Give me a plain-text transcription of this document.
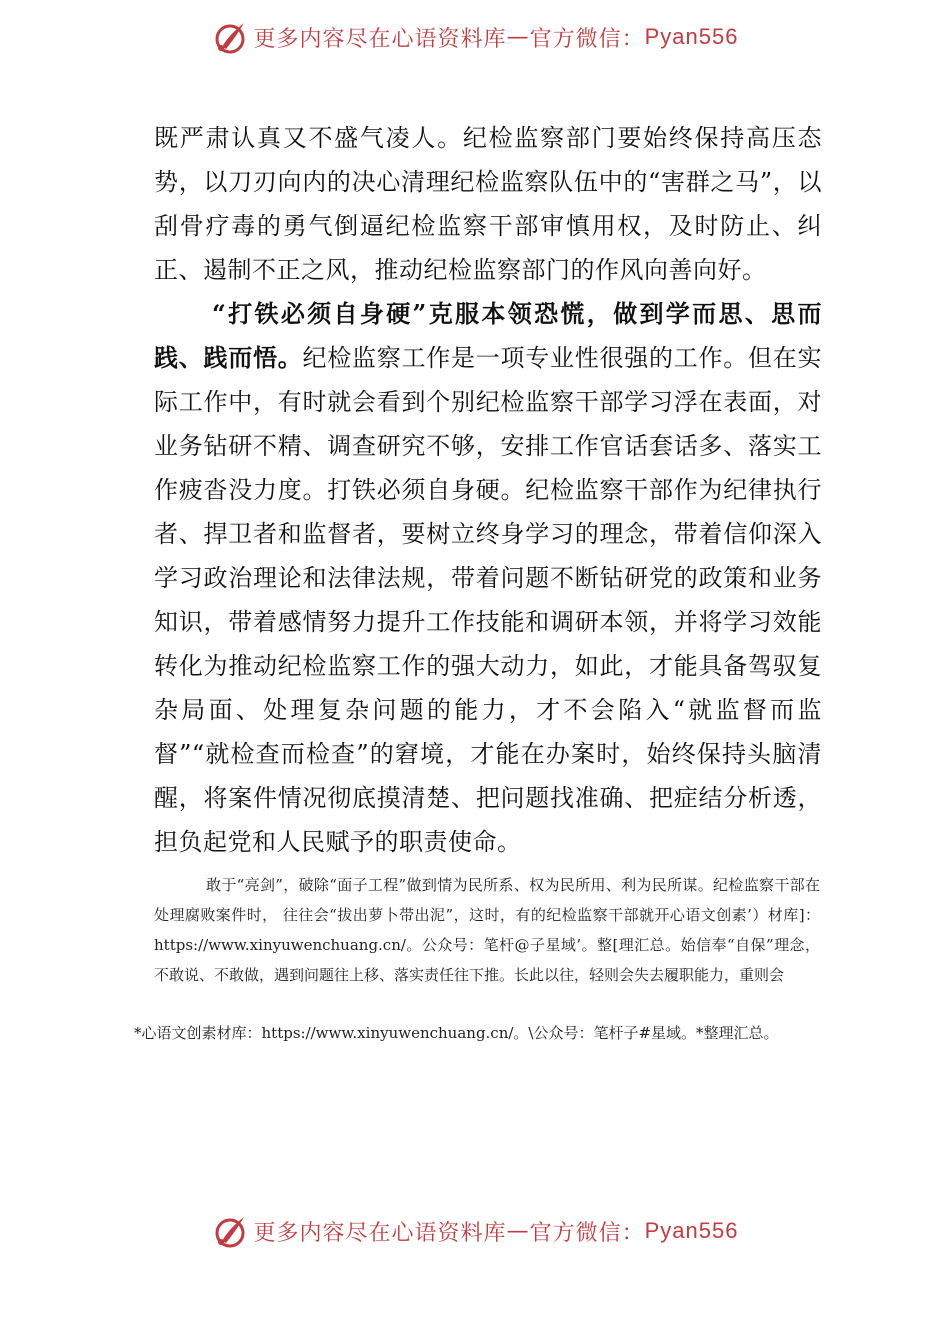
更多内容尽在心语资料库 — 官方微信： Pyan556

既严肃认真又不盛气凌人。纪检监察部门要始终保持高压态势，以刀刃向内的决心清理纪检监察队伍中的“害群之马”，以刮骨疗毒的勇气倒逼纪检监察干部审慎用权，及时防止、纠正、遏制不正之风，推动纪检监察部门的作风向善向好。

“打铁必须自身硬”克服本领恐慌，做到学而思、思而践、践而悟。纪检监察工作是一项专业性很强的工作。但在实际工作中，有时就会看到个别纪检监察干部学习浮在表面，对业务钻研不精、调查研究不够，安排工作官话套话多、落实工作疲沓没力度。打铁必须自身硬。纪检监察干部作为纪律执行者、捍卫者和监督者，要树立终身学习的理念，带着信仰深入学习政治理论和法律法规，带着问题不断钻研党的政策和业务知识，带着感情努力提升工作技能和调研本领，并将学习效能转化为推动纪检监察工作的强大动力，如此，才能具备驾驭复杂局面、处理复杂问题的能力，才不会陷入“就监督而监督”“就检查而检查”的窘境，才能在办案时，始终保持头脑清醒，将案件情况彻底摸清楚、把问题找准确、把症结分析透，担负起党和人民赋予的职责使命。

敢于“亮剑”，破除“面子工程”做到情为民所系、权为民所用、利为民所谋。纪检监察干部在处理腐败案件时， 往往会“拔出萝卜带出泥”，这时，有的纪检监察干部就开心语文创素’）材库]：https://www.xinyuwenchuang.cn/。公众号：笔杆@子星域’。整[理汇总。始信奉“自保”理念，不敢说、不敢做，遇到问题往上移、落实责任往下推。长此以往，轻则会失去履职能力，重则会

*心语文创素材库：https://www.xinyuwenchuang.cn/。\公众号：笔杆子#星域。*整理汇总。

更多内容尽在心语资料库 — 官方微信： Pyan556
